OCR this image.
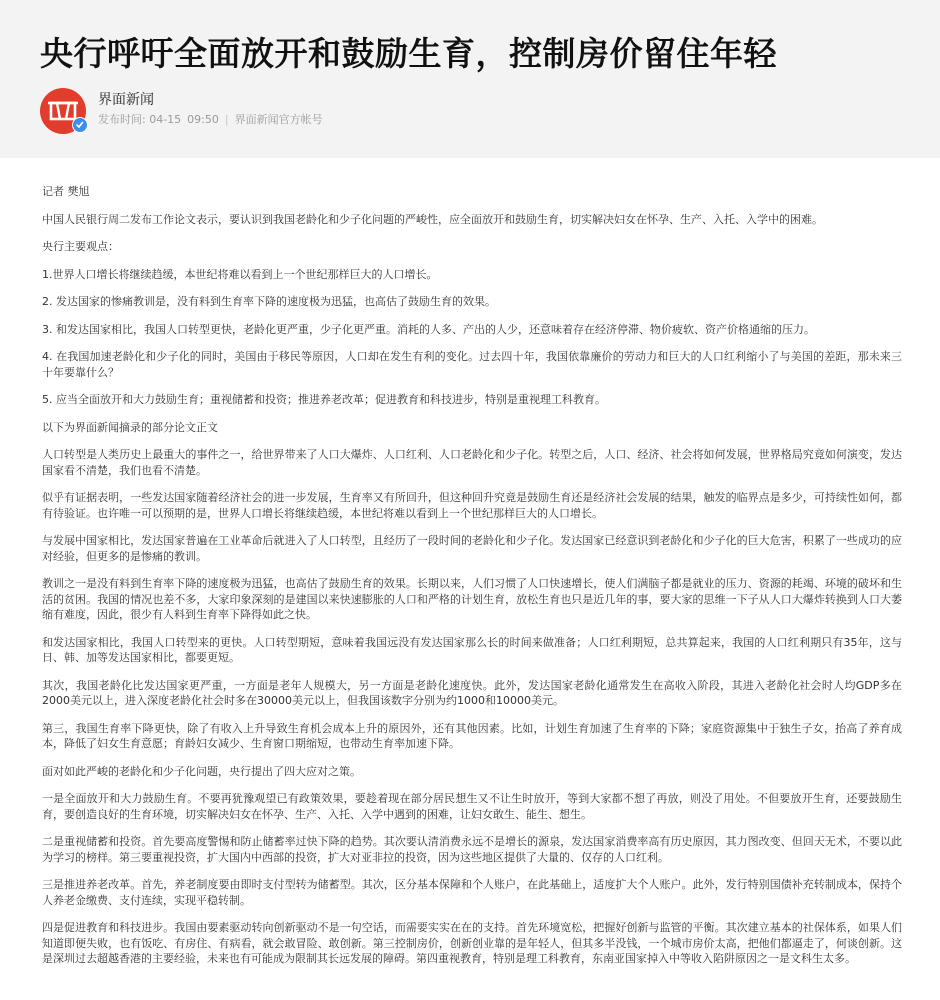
央行呼吁全面放开和鼓励生育，控制房价留住年轻
界面新闻
发布时间: 04-15 09:50 | 界面新闻官方帐号

记者 樊旭

中国人民银行周二发布工作论文表示，要认识到我国老龄化和少子化问题的严峻性，应全面放开和鼓励生育，切实解决妇女在怀孕、生产、入托、入学中的困难。

央行主要观点：

1.世界人口增长将继续趋缓，本世纪将难以看到上一个世纪那样巨大的人口增长。

2. 发达国家的惨痛教训是，没有料到生育率下降的速度极为迅猛，也高估了鼓励生育的效果。

3. 和发达国家相比，我国人口转型更快，老龄化更严重，少子化更严重。消耗的人多、产出的人少，还意味着存在经济停滞、物价疲软、资产价格通缩的压力。

4. 在我国加速老龄化和少子化的同时，美国由于移民等原因，人口却在发生有利的变化。过去四十年，我国依靠廉价的劳动力和巨大的人口红利缩小了与美国的差距，那未来三十年要靠什么？

5. 应当全面放开和大力鼓励生育；重视储蓄和投资；推进养老改革；促进教育和科技进步，特别是重视理工科教育。

以下为界面新闻摘录的部分论文正文

人口转型是人类历史上最重大的事件之一，给世界带来了人口大爆炸、人口红利、人口老龄化和少子化。转型之后，人口、经济、社会将如何发展，世界格局究竟如何演变，发达国家看不清楚，我们也看不清楚。

似乎有证据表明，一些发达国家随着经济社会的进一步发展，生育率又有所回升，但这种回升究竟是鼓励生育还是经济社会发展的结果，触发的临界点是多少，可持续性如何，都有待验证。也许唯一可以预期的是，世界人口增长将继续趋缓，本世纪将难以看到上一个世纪那样巨大的人口增长。

与发展中国家相比，发达国家普遍在工业革命后就进入了人口转型，且经历了一段时间的老龄化和少子化。发达国家已经意识到老龄化和少子化的巨大危害，积累了一些成功的应对经验，但更多的是惨痛的教训。

教训之一是没有料到生育率下降的速度极为迅猛，也高估了鼓励生育的效果。长期以来，人们习惯了人口快速增长，使人们满脑子都是就业的压力、资源的耗竭、环境的破坏和生活的贫困。我国的情况也差不多，大家印象深刻的是建国以来快速膨胀的人口和严格的计划生育，放松生育也只是近几年的事，要大家的思维一下子从人口大爆炸转换到人口大萎缩有难度，因此，很少有人料到生育率下降得如此之快。

和发达国家相比，我国人口转型来的更快。人口转型期短，意味着我国远没有发达国家那么长的时间来做准备；人口红利期短，总共算起来，我国的人口红利期只有35年，这与日、韩、加等发达国家相比，都要更短。

其次，我国老龄化比发达国家更严重，一方面是老年人规模大，另一方面是老龄化速度快。此外，发达国家老龄化通常发生在高收入阶段，其进入老龄化社会时人均GDP多在2000美元以上，进入深度老龄化社会时多在30000美元以上，但我国该数字分别为约1000和10000美元。

第三，我国生育率下降更快，除了有收入上升导致生育机会成本上升的原因外，还有其他因素。比如，计划生育加速了生育率的下降；家庭资源集中于独生子女，抬高了养育成本，降低了妇女生育意愿；育龄妇女减少、生育窗口期缩短，也带动生育率加速下降。

面对如此严峻的老龄化和少子化问题，央行提出了四大应对之策。

一是全面放开和大力鼓励生育。不要再犹豫观望已有政策效果，要趁着现在部分居民想生又不让生时放开，等到大家都不想了再放，则没了用处。不但要放开生育，还要鼓励生育，要创造良好的生育环境，切实解决妇女在怀孕、生产、入托、入学中遇到的困难，让妇女敢生、能生、想生。

二是重视储蓄和投资。首先要高度警惕和防止储蓄率过快下降的趋势。其次要认清消费永远不是增长的源泉，发达国家消费率高有历史原因，其力图改变、但回天无术，不要以此为学习的榜样。第三要重视投资，扩大国内中西部的投资，扩大对亚非拉的投资，因为这些地区提供了大量的、仅存的人口红利。

三是推进养老改革。首先，养老制度要由即时支付型转为储蓄型。其次，区分基本保障和个人账户，在此基础上，适度扩大个人账户。此外，发行特别国债补充转制成本，保持个人养老金缴费、支付连续，实现平稳转制。

四是促进教育和科技进步。我国由要素驱动转向创新驱动不是一句空话，而需要实实在在的支持。首先环境宽松，把握好创新与监管的平衡。其次建立基本的社保体系，如果人们知道即便失败，也有饭吃、有房住、有病看，就会敢冒险、敢创新。第三控制房价，创新创业靠的是年轻人，但其多半没钱，一个城市房价太高，把他们都逼走了，何谈创新。这是深圳过去超越香港的主要经验，未来也有可能成为限制其长远发展的障碍。第四重视教育，特别是理工科教育，东南亚国家掉入中等收入陷阱原因之一是文科生太多。
